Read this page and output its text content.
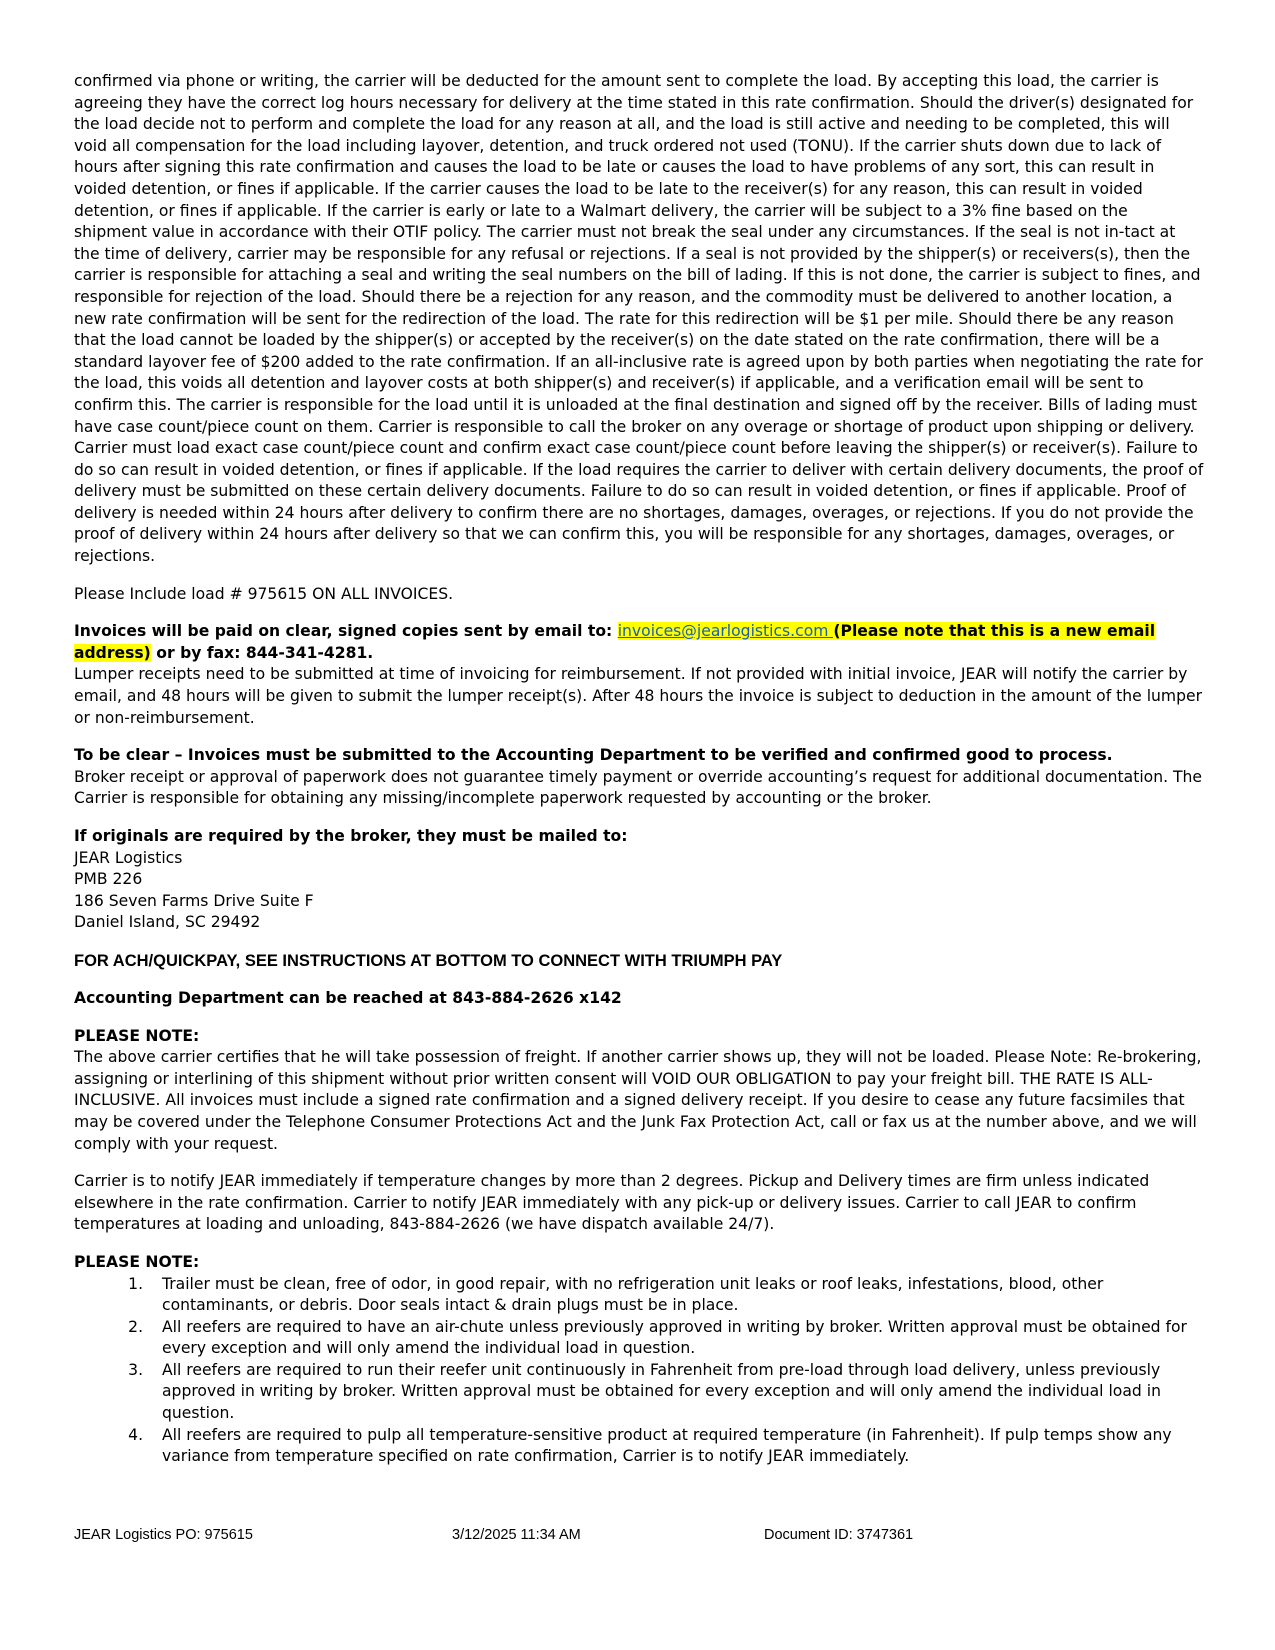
confirmed via phone or writing, the carrier will be deducted for the amount sent to complete the load. By accepting this load, the carrier is agreeing they have the correct log hours necessary for delivery at the time stated in this rate confirmation. Should the driver(s) designated for the load decide not to perform and complete the load for any reason at all, and the load is still active and needing to be completed, this will void all compensation for the load including layover, detention, and truck ordered not used (TONU). If the carrier shuts down due to lack of hours after signing this rate confirmation and causes the load to be late or causes the load to have problems of any sort, this can result in voided detention, or fines if applicable. If the carrier causes the load to be late to the receiver(s) for any reason, this can result in voided detention, or fines if applicable. If the carrier is early or late to a Walmart delivery, the carrier will be subject to a 3% fine based on the shipment value in accordance with their OTIF policy. The carrier must not break the seal under any circumstances. If the seal is not in-tact at the time of delivery, carrier may be responsible for any refusal or rejections. If a seal is not provided by the shipper(s) or receivers(s), then the carrier is responsible for attaching a seal and writing the seal numbers on the bill of lading. If this is not done, the carrier is subject to fines, and responsible for rejection of the load. Should there be a rejection for any reason, and the commodity must be delivered to another location, a new rate confirmation will be sent for the redirection of the load. The rate for this redirection will be $1 per mile. Should there be any reason that the load cannot be loaded by the shipper(s) or accepted by the receiver(s) on the date stated on the rate confirmation, there will be a standard layover fee of $200 added to the rate confirmation. If an all-inclusive rate is agreed upon by both parties when negotiating the rate for the load, this voids all detention and layover costs at both shipper(s) and receiver(s) if applicable, and a verification email will be sent to confirm this. The carrier is responsible for the load until it is unloaded at the final destination and signed off by the receiver. Bills of lading must have case count/piece count on them. Carrier is responsible to call the broker on any overage or shortage of product upon shipping or delivery. Carrier must load exact case count/piece count and confirm exact case count/piece count before leaving the shipper(s) or receiver(s). Failure to do so can result in voided detention, or fines if applicable. If the load requires the carrier to deliver with certain delivery documents, the proof of delivery must be submitted on these certain delivery documents. Failure to do so can result in voided detention, or fines if applicable. Proof of delivery is needed within 24 hours after delivery to confirm there are no shortages, damages, overages, or rejections. If you do not provide the proof of delivery within 24 hours after delivery so that we can confirm this, you will be responsible for any shortages, damages, overages, or rejections.

Please Include load # 975615 ON ALL INVOICES.

Invoices will be paid on clear, signed copies sent by email to: invoices@jearlogistics.com (Please note that this is a new email address) or by fax: 844-341-4281.

Lumper receipts need to be submitted at time of invoicing for reimbursement. If not provided with initial invoice, JEAR will notify the carrier by email, and 48 hours will be given to submit the lumper receipt(s). After 48 hours the invoice is subject to deduction in the amount of the lumper or non-reimbursement.

To be clear – Invoices must be submitted to the Accounting Department to be verified and confirmed good to process.

Broker receipt or approval of paperwork does not guarantee timely payment or override accounting’s request for additional documentation. The Carrier is responsible for obtaining any missing/incomplete paperwork requested by accounting or the broker.

If originals are required by the broker, they must be mailed to:

JEAR Logistics

PMB 226

186 Seven Farms Drive Suite F

Daniel Island, SC 29492

FOR ACH/QUICKPAY, SEE INSTRUCTIONS AT BOTTOM TO CONNECT WITH TRIUMPH PAY

Accounting Department can be reached at 843-884-2626 x142

PLEASE NOTE:

The above carrier certifies that he will take possession of freight. If another carrier shows up, they will not be loaded. Please Note: Re-brokering, assigning or interlining of this shipment without prior written consent will VOID OUR OBLIGATION to pay your freight bill. THE RATE IS ALL-INCLUSIVE. All invoices must include a signed rate confirmation and a signed delivery receipt. If you desire to cease any future facsimiles that may be covered under the Telephone Consumer Protections Act and the Junk Fax Protection Act, call or fax us at the number above, and we will comply with your request.

Carrier is to notify JEAR immediately if temperature changes by more than 2 degrees. Pickup and Delivery times are firm unless indicated elsewhere in the rate confirmation. Carrier to notify JEAR immediately with any pick-up or delivery issues. Carrier to call JEAR to confirm temperatures at loading and unloading, 843-884-2626 (we have dispatch available 24/7).

PLEASE NOTE:

1. Trailer must be clean, free of odor, in good repair, with no refrigeration unit leaks or roof leaks, infestations, blood, other contaminants, or debris. Door seals intact & drain plugs must be in place.
2. All reefers are required to have an air-chute unless previously approved in writing by broker. Written approval must be obtained for every exception and will only amend the individual load in question.
3. All reefers are required to run their reefer unit continuously in Fahrenheit from pre-load through load delivery, unless previously approved in writing by broker. Written approval must be obtained for every exception and will only amend the individual load in question.
4. All reefers are required to pulp all temperature-sensitive product at required temperature (in Fahrenheit). If pulp temps show any variance from temperature specified on rate confirmation, Carrier is to notify JEAR immediately.
JEAR Logistics PO: 975615	3/12/2025 11:34 AM	Document ID: 3747361
